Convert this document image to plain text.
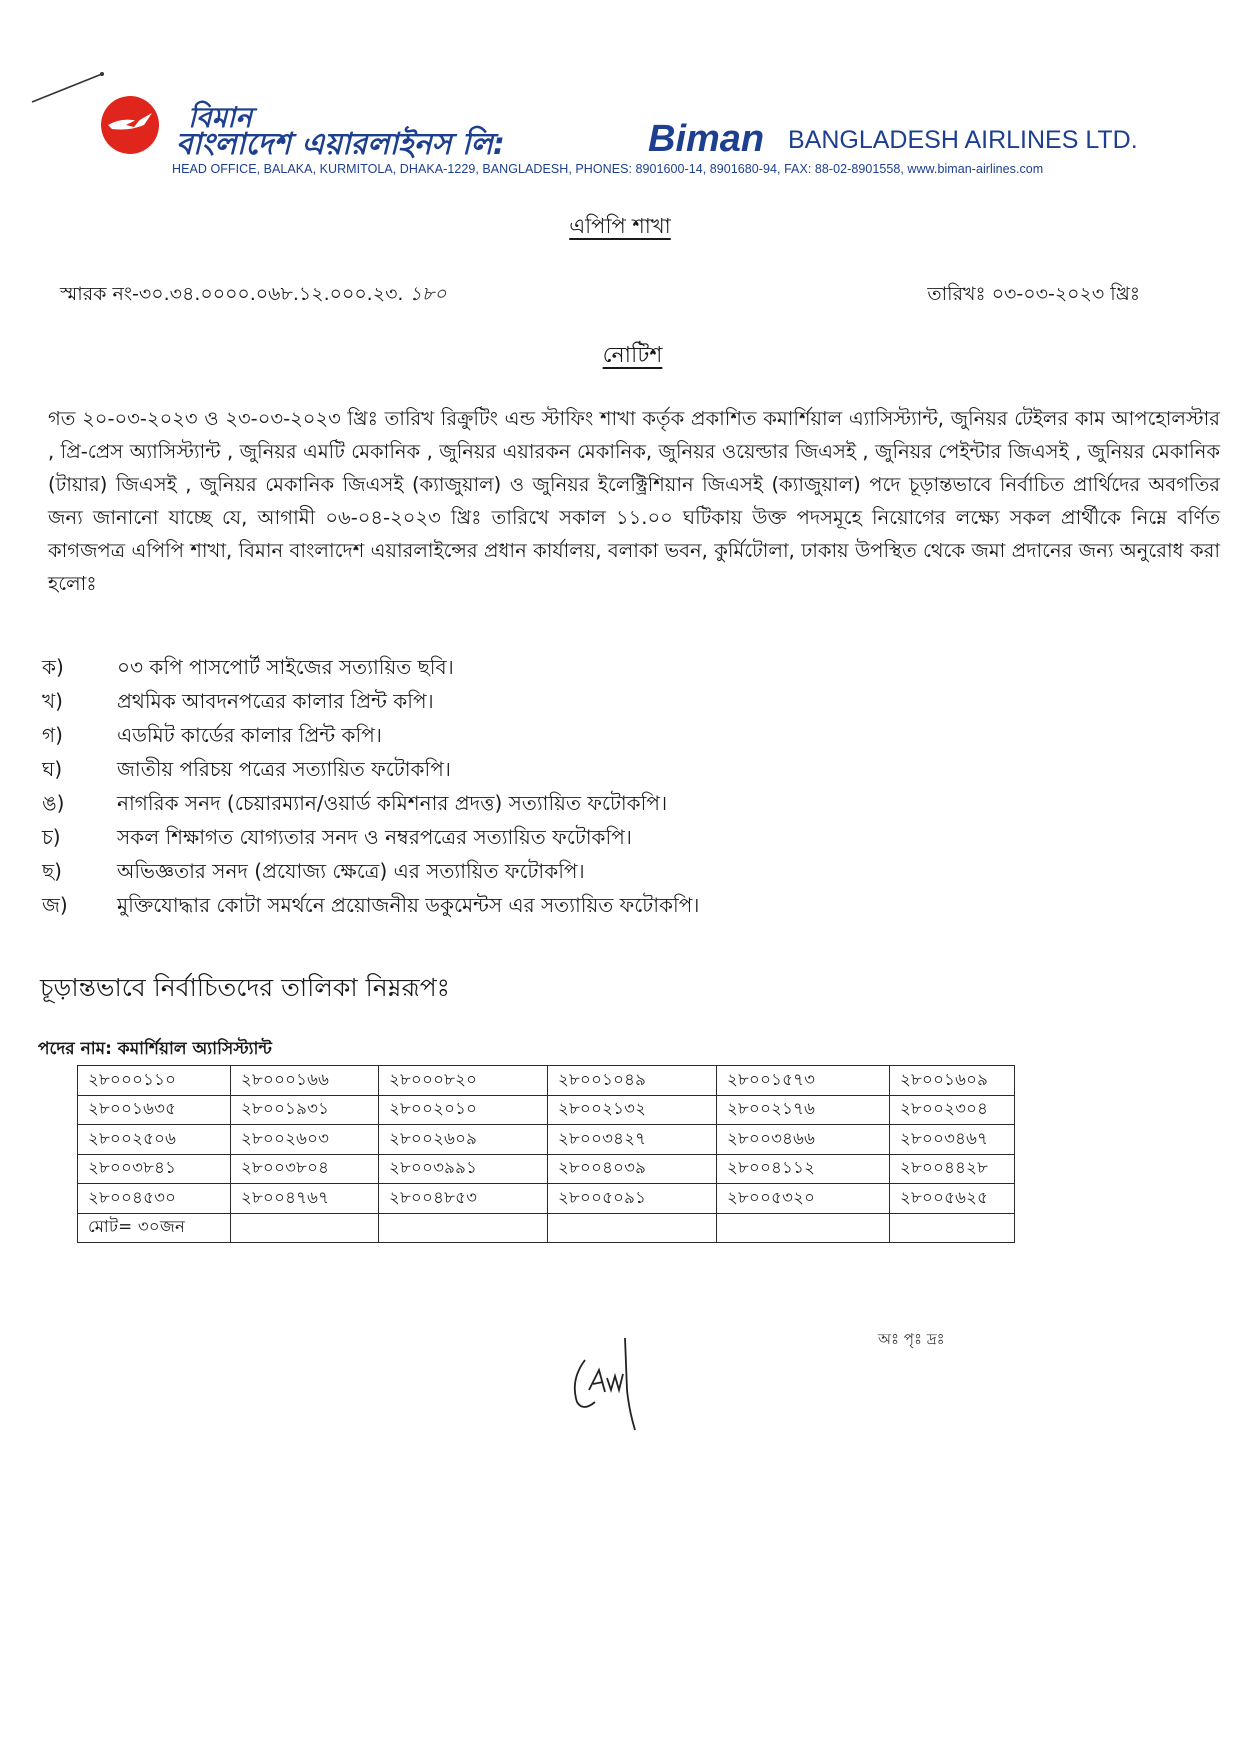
বিমান
বাংলাদেশ এয়ারলাইনস লি:	Biman BANGLADESH AIRLINES LTD.
HEAD OFFICE, BALAKA, KURMITOLA, DHAKA-1229, BANGLADESH, PHONES: 8901600-14, 8901680-94, FAX: 88-02-8901558, www.biman-airlines.com
এপিপি শাখা
স্মারক নং-৩০.৩৪.০০০০.০৬৮.১২.০০০.২৩. ১৮০	তারিখঃ ০৩-০৩-২০২৩ খ্রিঃ
নোটিশ
গত ২০-০৩-২০২৩ ও ২৩-০৩-২০২৩ খ্রিঃ তারিখ রিক্রুটিং এন্ড স্টাফিং শাখা কর্তৃক প্রকাশিত কমার্শিয়াল এ্যাসিস্ট্যান্ট, জুনিয়র টেইলর কাম আপহোলস্টার , প্রি-প্রেস অ্যাসিস্ট্যান্ট , জুনিয়র এমটি মেকানিক , জুনিয়র এয়ারকন মেকানিক, জুনিয়র ওয়েল্ডার জিএসই , জুনিয়র পেইন্টার জিএসই , জুনিয়র মেকানিক (টায়ার) জিএসই , জুনিয়র মেকানিক জিএসই (ক্যাজুয়াল) ও জুনিয়র ইলেক্ট্রিশিয়ান জিএসই (ক্যাজুয়াল) পদে চূড়ান্তভাবে নির্বাচিত প্রার্থিদের অবগতির জন্য জানানো যাচ্ছে যে, আগামী ০৬-০৪-২০২৩ খ্রিঃ তারিখে সকাল ১১.০০ ঘটিকায় উক্ত পদসমূহে নিয়োগের লক্ষ্যে সকল প্রার্থীকে নিম্নে বর্ণিত কাগজপত্র এপিপি শাখা, বিমান বাংলাদেশ এয়ারলাইন্সের প্রধান কার্যালয়, বলাকা ভবন, কুর্মিটোলা, ঢাকায় উপস্থিত থেকে জমা প্রদানের জন্য অনুরোধ করা হলোঃ
ক)	০৩ কপি পাসপোর্ট সাইজের সত্যায়িত ছবি।
খ)	প্রথমিক আবদনপত্রের কালার প্রিন্ট কপি।
গ)	এডমিট কার্ডের কালার প্রিন্ট কপি।
ঘ)	জাতীয় পরিচয় পত্রের সত্যায়িত ফটোকপি।
ঙ)	নাগরিক সনদ (চেয়ারম্যান/ওয়ার্ড কমিশনার প্রদত্ত) সত্যায়িত ফটোকপি।
চ)	সকল শিক্ষাগত যোগ্যতার সনদ ও নম্বরপত্রের সত্যায়িত ফটোকপি।
ছ)	অভিজ্ঞতার সনদ (প্রযোজ্য ক্ষেত্রে) এর সত্যায়িত ফটোকপি।
জ)	মুক্তিযোদ্ধার কোটা সমর্থনে প্রয়োজনীয় ডকুমেন্টস এর সত্যায়িত ফটোকপি।
চূড়ান্তভাবে নির্বাচিতদের তালিকা নিম্নরূপঃ
পদের নাম: কমার্শিয়াল অ্যাসিস্ট্যান্ট
২৮০০০১১০	২৮০০০১৬৬	২৮০০০৮২০	২৮০০১০৪৯	২৮০০১৫৭৩	২৮০০১৬০৯
২৮০০১৬৩৫	২৮০০১৯৩১	২৮০০২০১০	২৮০০২১৩২	২৮০০২১৭৬	২৮০০২৩০৪
২৮০০২৫০৬	২৮০০২৬০৩	২৮০০২৬০৯	২৮০০৩৪২৭	২৮০০৩৪৬৬	২৮০০৩৪৬৭
২৮০০৩৮৪১	২৮০০৩৮০৪	২৮০০৩৯৯১	২৮০০৪০৩৯	২৮০০৪১১২	২৮০০৪৪২৮
২৮০০৪৫৩০	২৮০০৪৭৬৭	২৮০০৪৮৫৩	২৮০০৫০৯১	২৮০০৫৩২০	২৮০০৫৬২৫
মোট= ৩০জন					
অঃ পৃঃ দ্রঃ
